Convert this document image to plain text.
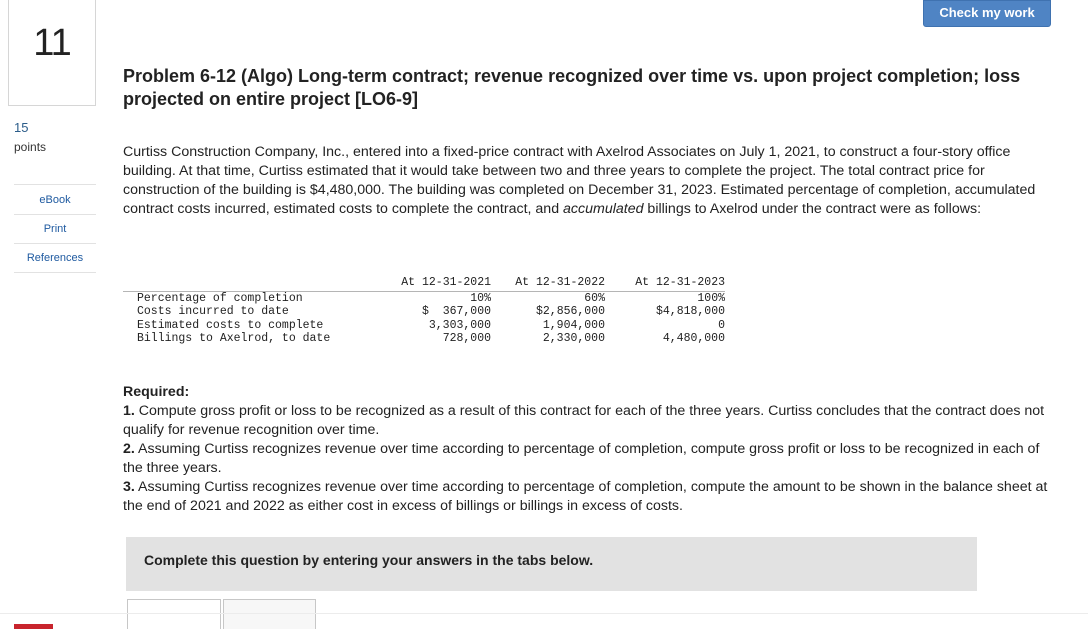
11
15
points
eBook
Print
References
Check my work
Problem 6-12 (Algo) Long-term contract; revenue recognized over time vs. upon project completion; loss projected on entire project [LO6-9]
Curtiss Construction Company, Inc., entered into a fixed-price contract with Axelrod Associates on July 1, 2021, to construct a four-story office building. At that time, Curtiss estimated that it would take between two and three years to complete the project. The total contract price for construction of the building is $4,480,000. The building was completed on December 31, 2023. Estimated percentage of completion, accumulated contract costs incurred, estimated costs to complete the contract, and accumulated billings to Axelrod under the contract were as follows:
	At 12-31-2021	At 12-31-2022	At 12-31-2023
Percentage of completion	10%	60%	100%
Costs incurred to date	$  367,000	$2,856,000	$4,818,000
Estimated costs to complete	3,303,000	1,904,000	0
Billings to Axelrod, to date	728,000	2,330,000	4,480,000
Required:
1. Compute gross profit or loss to be recognized as a result of this contract for each of the three years. Curtiss concludes that the contract does not qualify for revenue recognition over time.
2. Assuming Curtiss recognizes revenue over time according to percentage of completion, compute gross profit or loss to be recognized in each of the three years.
3. Assuming Curtiss recognizes revenue over time according to percentage of completion, compute the amount to be shown in the balance sheet at the end of 2021 and 2022 as either cost in excess of billings or billings in excess of costs.
Complete this question by entering your answers in the tabs below.
